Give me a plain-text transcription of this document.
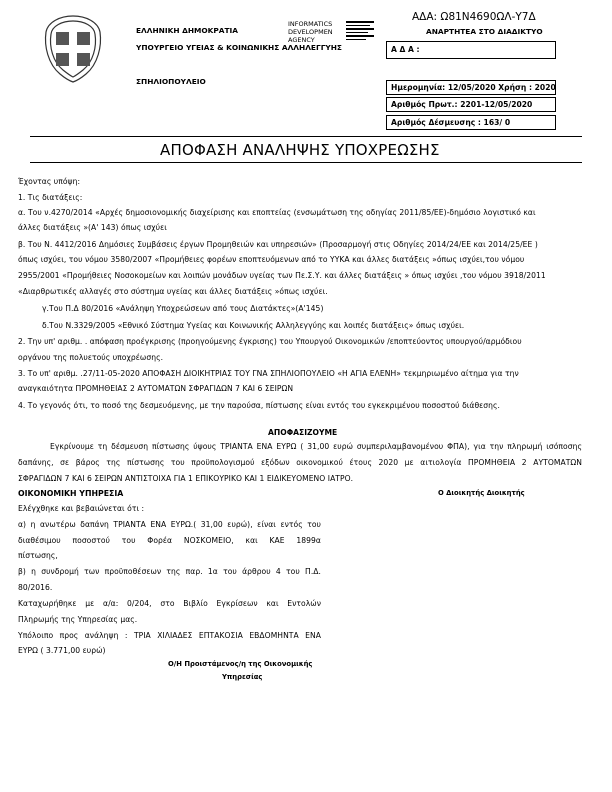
ΕΛΛΗΝΙΚΗ ΔΗΜΟΚΡΑΤΙΑ
ΥΠΟΥΡΓΕΙΟ ΥΓΕΙΑΣ & ΚΟΙΝΩΝΙΚΗΣ ΑΛΛΗΛΕΓΓΥΗΣ
ΣΠΗΛΙΟΠΟΥΛΕΙΟ
INFORMATICS
DEVELOPMEN
AGENCY
ΑΔΑ: Ω81Ν4690ΩΛ-Υ7Δ
ΑΝΑΡΤΗΤΕΑ ΣΤΟ ΔΙΑΔΙΚΤΥΟ
Α Δ Α :
Ημερομηνία: 12/05/2020 Χρήση : 2020
Αριθμός Πρωτ.: 2201-12/05/2020
Αριθμός Δέσμευσης : 163/ 0
ΑΠΟΦΑΣΗ ΑΝΑΛΗΨΗΣ ΥΠΟΧΡΕΩΣΗΣ
Έχοντας υπόψη:
1. Τις διατάξεις:
α. Του ν.4270/2014 «Αρχές δημοσιονομικής διαχείρισης και εποπτείας (ενσωμάτωση της οδηγίας 2011/85/ΕΕ)-δημόσιο λογιστικό και
άλλες διατάξεις »(Α' 143) όπως ισχύει
β. Του Ν. 4412/2016 Δημόσιες Συμβάσεις έργων Προμηθειών και υπηρεσιών» (Προσαρμογή στις Οδηγίες 2014/24/ΕΕ και 2014/25/ΕΕ )
όπως ισχύει, του νόμου 3580/2007 «Προμήθειες φορέων εποπτευόμενων από το ΥΥΚΑ και άλλες διατάξεις »όπως ισχύει,του νόμου
2955/2001 «Προμήθειες Νοσοκομείων και λοιπών μονάδων υγείας των Πε.Σ.Υ. και άλλες διατάξεις » όπως ισχύει ,του νόμου 3918/2011
«Διαρθρωτικές αλλαγές στο σύστημα υγείας και άλλες διατάξεις »όπως ισχύει.
γ.Του Π.Δ 80/2016 «Ανάληψη Υποχρεώσεων από τους Διατάκτες»(Α'145)
δ.Του Ν.3329/2005 «Εθνικό Σύστημα Υγείας και Κοινωνικής Αλληλεγγύης και λοιπές διατάξεις» όπως ισχύει.
2. Την υπ' αριθμ. . απόφαση προέγκρισης (προηγούμενης έγκρισης) του Υπουργού Οικονομικών /εποπτεύοντος υπουργού/αρμόδιου
οργάνου της πολυετούς υποχρέωσης.
3. Το υπ' αριθμ. .27/11-05-2020 ΑΠΟΦΑΣΗ ΔΙΟΙΚΗΤΡΙΑΣ ΤΟΥ ΓΝΑ ΣΠΗΛΙΟΠΟΥΛΕΙΟ «Η ΑΓΙΑ ΕΛΕΝΗ» τεκμηριωμένο αίτημα για την
αναγκαιότητα ΠΡΟΜΗΘΕΙΑΣ 2 ΑΥΤΟΜΑΤΩΝ ΣΦΡΑΓΙΔΩΝ 7 ΚΑΙ 6 ΣΕΙΡΩΝ
4. Το γεγονός ότι, το ποσό της δεσμευόμενης, με την παρούσα, πίστωσης είναι εντός του εγκεκριμένου ποσοστού διάθεσης.
ΑΠΟΦΑΣΙΖΟΥΜΕ
Εγκρίνουμε τη δέσμευση πίστωσης ύψους ΤΡΙΑΝΤΑ ΕΝΑ ΕΥΡΩ ( 31,00 ευρώ συμπεριλαμβανομένου ΦΠΑ), για την πληρωμή ισόποσης
δαπάνης, σε βάρος της πίστωσης του προϋπολογισμού εξόδων οικονομικού έτους 2020 με αιτιολογία ΠΡΟΜΗΘΕΙΑ 2 ΑΥΤΟΜΑΤΩΝ
ΣΦΡΑΓΙΔΩΝ 7 ΚΑΙ 6 ΣΕΙΡΩΝ ΑΝΤΙΣΤΟΙΧΑ ΓΙΑ 1 ΕΠΙΚΟΥΡΙΚΟ ΚΑΙ 1 ΕΙΔΙΚΕΥΟΜΕΝΟ ΙΑΤΡΟ.
ΟΙΚΟΝΟΜΙΚΗ ΥΠΗΡΕΣΙΑ	Ο Διοικητής Διοικητής
Ελέγχθηκε και βεβαιώνεται ότι :
α) η ανωτέρω δαπάνη ΤΡΙΑΝΤΑ ΕΝΑ ΕΥΡΩ.( 31,00 ευρώ), είναι εντός του
διαθέσιμου ποσοστού του Φορέα ΝΟΣΚΟΜΕΙΟ, και ΚΑΕ 1899α
πίστωσης,
β) η συνδρομή των προϋποθέσεων της παρ. 1α του άρθρου 4 του Π.Δ.
80/2016.
Καταχωρήθηκε με α/α: 0/204, στο Βιβλίο Εγκρίσεων και Εντολών
Πληρωμής της Υπηρεσίας μας.
Υπόλοιπο προς ανάληψη : ΤΡΙΑ ΧΙΛΙΑΔΕΣ ΕΠΤΑΚΟΣΙΑ ΕΒΔΟΜΗΝΤΑ ΕΝΑ
ΕΥΡΩ ( 3.771,00 ευρώ)
Ο/Η Προιστάμενος/η της Οικονομικής
Υπηρεσίας
